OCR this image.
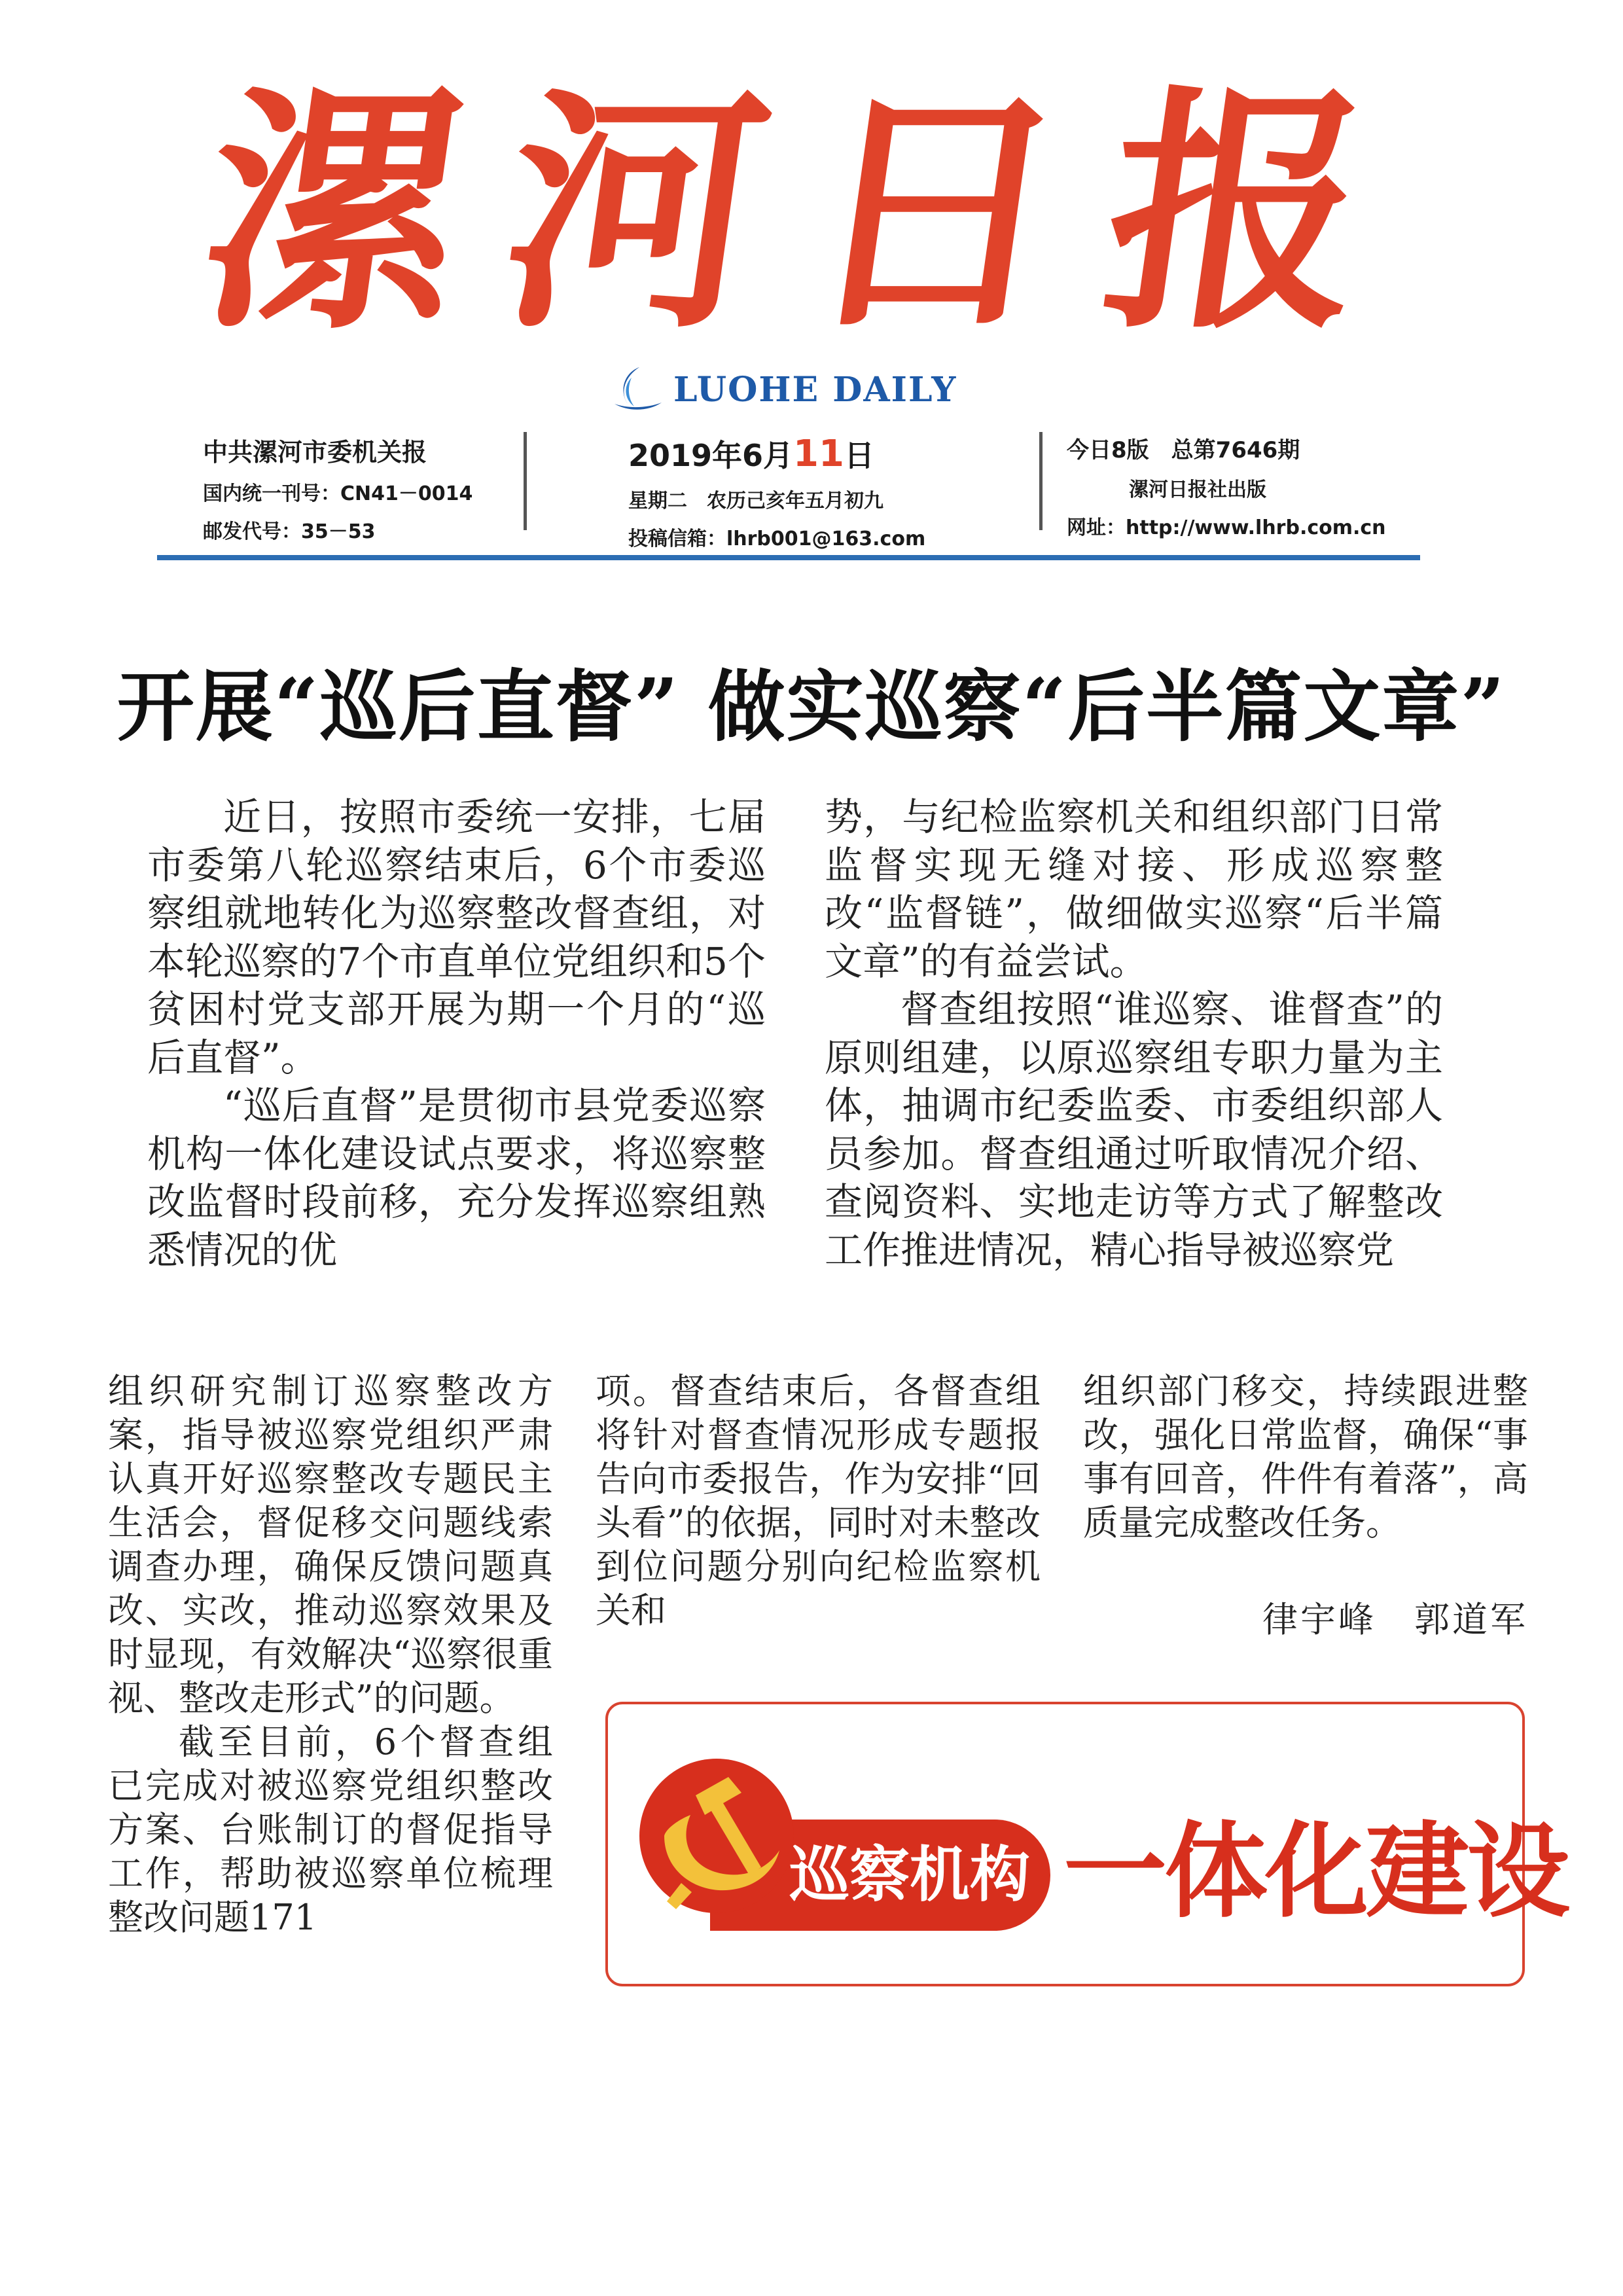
漯 河 日 报
LUOHE DAILY
中共漯河市委机关报
国内统一刊号：CN41－0014
邮发代号：35－53
2019年6月11日
星期二　农历己亥年五月初九
投稿信箱：lhrb001@163.com
今日8版　总第7646期
漯河日报社出版
网址：http://www.lhrb.com.cn
开展“巡后直督” 做实巡察“后半篇文章”

近日，按照市委统一安排，七届市委第八轮巡察结束后，6个市委巡察组就地转化为巡察整改督查组，对本轮巡察的7个市直单位党组织和5个贫困村党支部开展为期一个月的“巡后直督”。

“巡后直督”是贯彻市县党委巡察机构一体化建设试点要求，将巡察整改监督时段前移，充分发挥巡察组熟悉情况的优

势，与纪检监察机关和组织部门日常监督实现无缝对接、形成巡察整改“监督链”，做细做实巡察“后半篇文章”的有益尝试。

督查组按照“谁巡察、谁督查”的原则组建，以原巡察组专职力量为主体，抽调市纪委监委、市委组织部人员参加。督查组通过听取情况介绍、查阅资料、实地走访等方式了解整改工作推进情况，精心指导被巡察党

组织研究制订巡察整改方案，指导被巡察党组织严肃认真开好巡察整改专题民主生活会，督促移交问题线索调查办理，确保反馈问题真改、实改，推动巡察效果及时显现，有效解决“巡察很重视、整改走形式”的问题。

截至目前，6个督查组已完成对被巡察党组织整改方案、台账制订的督促指导工作，帮助被巡察单位梳理整改问题171

项。督查结束后，各督查组将针对督查情况形成专题报告向市委报告，作为安排“回头看”的依据，同时对未整改到位问题分别向纪检监察机关和

组织部门移交，持续跟进整改，强化日常监督，确保“事事有回音，件件有着落”，高质量完成整改任务。

律宇峰　郭道军
巡察机构 一体化建设
